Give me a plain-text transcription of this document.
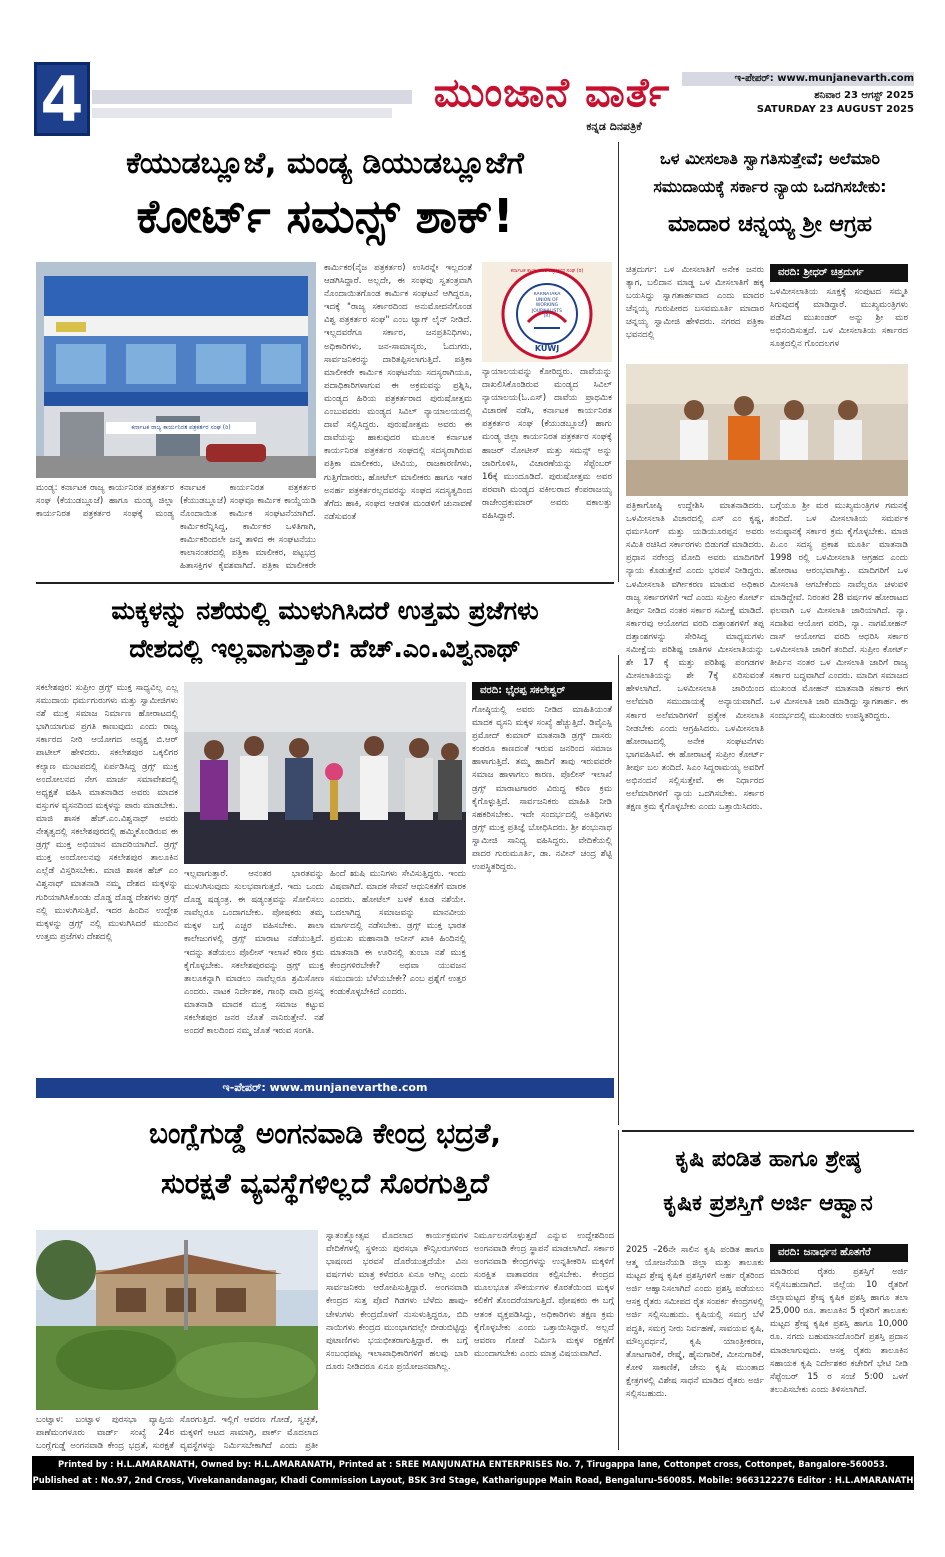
4	ಮುಂಜಾನೆ ವಾರ್ತೆ
ಕನ್ನಡ ದಿನಪತ್ರಿಕೆ
ಇ-ಪೇಪರ್: www.munjanevarth.com
ಶನಿವಾರ 23 ಆಗಸ್ಟ್ 2025
SATURDAY 23 AUGUST 2025
ಕೆಯುಡಬ್ಲೂಜೆ, ಮಂಡ್ಯ ಡಿಯುಡಬ್ಲೂಜೆಗೆ
ಕೋರ್ಟ್ ಸಮನ್ಸ್ ಶಾಕ್!
ಕರ್ನಾಟಕ ರಾಜ್ಯ ಕಾರ್ಯನಿರತ ಪತ್ರಕರ್ತರ ಸಂಘ (ರಿ)
ಕಾರ್ಮಿಕರ(ನೈಜ ಪತ್ರಕರ್ತರ) ಉಸಿರನ್ನೇ ಇಲ್ಲದಂತೆ ಆಡಗಿಸಿದ್ದಾರೆ. ಅಲ್ಲದೇ, ಈ ಸಂಘವು ಸ್ವತಂತ್ರವಾಗಿ ನೊಂದಾಯಿತಗೊಂಡ ಕಾರ್ಮಿಕ ಸಂಘಟನೆ ಆಗಿದ್ದರೂ, ಇದಕ್ಕೆ "ರಾಜ್ಯ ಸರ್ಕಾರದಿಂದ ಅನುಮೋದನೆಗೊಂಡ ವಿಶ್ವ ಪತ್ರಕರ್ತರ ಸಂಘ" ಎಂಬ ಟ್ಯಾಗ್ ಲೈನ್ ನೀಡಿದೆ. ಇಲ್ಲದವರೆಗೂ ಸರ್ಕಾರ, ಜನಪ್ರತಿನಿಧಿಗಳು, ಅಧಿಕಾರಿಗಳು, ಜನ-ಸಾಮಾನ್ಯರು, ಓದುಗರು, ಸಾರ್ವಜನಿಕರನ್ನು ದಾರಿತಪ್ಪಿಸಲಾಗುತ್ತಿದೆ. ಪತ್ರಿಕಾ ಮಾಲೀಕರೇ ಕಾರ್ಮಿಕ ಸಂಘಟನೆಯ ಸದಸ್ಯರಾಗಿಯೂ, ಪದಾಧಿಕಾರಿಗಳಾಗುವ ಈ ಅಕ್ರಮವನ್ನು ಪ್ರಶ್ನಿಸಿ, ಮಂಡ್ಯದ ಹಿರಿಯ ಪತ್ರಕರ್ತರಾದ ಪುರುಷೋತ್ತಮ ಎಂಬುವವರು ಮಂಡ್ಯದ ಸಿವಿಲ್ ನ್ಯಾಯಾಲಯದಲ್ಲಿ ದಾವೆ ಸಲ್ಲಿಸಿದ್ದರು. ಪುರುಷೋತ್ತಮ ಅವರು ಈ ದಾವೆಯನ್ನು ಹಾಕುವುದರ ಮೂಲಕ ಕರ್ನಾಟಕ ಕಾರ್ಯನಿರತ ಪತ್ರಕರ್ತರ ಸಂಘದಲ್ಲಿ ಸದಸ್ಯರಾಗಿರುವ ಪತ್ರಿಕಾ ಮಾಲೀಕರು, ಟೀವಿಯ, ರಾಜಕಾರಣಿಗಳು, ಗುತ್ತಿಗೆದಾರರು, ಹೋಟೆಲ್ ಮಾಲೀಕರು ಹಾಗೂ ಇತರ ಅನರ್ಹ ಪತ್ರಕರ್ತರಲ್ಲದವರನ್ನು ಸಂಘದ ಸದಸ್ಯತ್ವದಿಂದ ತೆಗೆದು ಹಾಕಿ, ಸಂಘದ ಆಡಳಿತ ಮಂಡಳಿಗೆ ಚುನಾವಣೆ ನಡೆಸುವಂತೆ
ಕರ್ನಾಟಕ ಕಾರ್ಯನಿರತ ಪತ್ರಕರ್ತರ ಸಂಘ (ರಿ)
KARNATAKA UNION OF WORKING JOURNALISTS (R)
KUWJ
ನ್ಯಾಯಾಲಯವನ್ನು ಕೋರಿದ್ದರು. ದಾವೆಯನ್ನು ದಾಖಲಿಸಿಕೊಂಡಿರುವ ಮಂಡ್ಯದ ಸಿವಿಲ್ ನ್ಯಾಯಾಲಯ(ಓ.ಎಸ್) ದಾವೆಯ ಪ್ರಾಥಮಿಕ ವಿಚಾರಣೆ ನಡೆಸಿ, ಕರ್ನಾಟಕ ಕಾರ್ಯನಿರತ ಪತ್ರಕರ್ತರ ಸಂಘ (ಕೆಯುಡಬ್ಲೂಜೆ) ಹಾಗು ಮಂಡ್ಯ ಜಿಲ್ಲಾ ಕಾರ್ಯನಿರತ ಪತ್ರಕರ್ತರ ಸಂಘಕ್ಕೆ ಹಾಜರ್ ನೋಟೀಸ್ ಮತ್ತು ಸಮನ್ಸ್ ಅನ್ನು ಜಾರಿಗೊಳಿಸಿ, ವಿಚಾರಣೆಯನ್ನು ಸೆಪ್ಟೆಂಬರ್ 16ಕ್ಕೆ ಮುಂದೂಡಿದೆ. ಪುರುಷೋತ್ತಮ ಅವರ ಪರವಾಗಿ ಮಂಡ್ಯದ ವಕೀಲರಾದ ಕೆಂಪರಾಜಯ್ಯ ರಾಜೇಂದ್ರಕುಮಾರ್ ಅವರು ವಕಾಲತ್ತು ವಹಿಸಿದ್ದಾರೆ.
ಮಂಡ್ಯ: ಕರ್ನಾಟಕ ರಾಜ್ಯ ಕಾರ್ಯನಿರತ ಪತ್ರಕರ್ತರ ಸಂಘ (ಕೆಯುಡಬ್ಲೂಜೆ) ಹಾಗೂ ಮಂಡ್ಯ ಜಿಲ್ಲಾ ಕಾರ್ಯನಿರತ ಪತ್ರಕರ್ತರ ಸಂಘಕ್ಕೆ ಮಂಡ್ಯ
ಕರ್ನಾಟಕ ಕಾರ್ಯನಿರತ ಪತ್ರಕರ್ತರ (ಕೆಯುಡಬ್ಲೂಜೆ) ಸಂಘವೂ ಕಾರ್ಮಿಕ ಕಾಯ್ದೆಯಡಿ ನೊಂದಾಯಿತ ಕಾರ್ಮಿಕ ಸಂಘಟನೆಯಾಗಿದೆ. ಕಾರ್ಮಿಕರೆನ್ನಿಸಿದ್ದ, ಕಾರ್ಮಿಕರ ಒಳಿತಿಗಾಗಿ, ಕಾರ್ಮಿಕರಿಂದಲೇ ಜನ್ಮ ತಾಳಿದ ಈ ಸಂಘಟನೆಯು ಕಾಲಾನಂತರದಲ್ಲಿ ಪತ್ರಿಕಾ ಮಾಲೀಕರ, ಪಟ್ಟಭದ್ರ ಹಿತಾಸಕ್ತಿಗಳ ಕೈವಶವಾಗಿದೆ. ಪತ್ರಿಕಾ ಮಾಲೀಕರೇ
ಒಳ ಮೀಸಲಾತಿ ಸ್ವಾಗತಿಸುತ್ತೇವೆ; ಅಲೆಮಾರಿ
ಸಮುದಾಯಕ್ಕೆ ಸರ್ಕಾರ ನ್ಯಾಯ ಒದಗಿಸಬೇಕು:
ಮಾದಾರ ಚನ್ನಯ್ಯ ಶ್ರೀ ಆಗ್ರಹ
ಚಿತ್ರದುರ್ಗ: ಒಳ ಮೀಸಲಾತಿಗೆ ಅನೇಕ ಜನರು ತ್ಯಾಗ, ಬಲಿದಾನ ಮಾಡ್ಡ ಒಳ ಮೀಸಲಾತಿಗೆ ಹಕ್ಕ ಬಯಸಿದ್ದು ಸ್ವಾಗತಾರ್ಹವಾದ ಎಂದು ಮಾದರ ಚೆನ್ನಯ್ಯ ಗುರುಪೀಠದ ಬಸವಮೂರ್ತಿ ಮಾದಾರ ಚನ್ನಯ್ಯ ಸ್ವಾಮೀಜಿ ಹೇಳಿದರು. ನಗರದ ಪತ್ರಿಕಾ ಭವನದಲ್ಲಿ
ವರದಿ: ಶ್ರೀಧರ್ ಚಿತ್ರದುರ್ಗ
ಒಳಮೀಸಲಾತಿಯ ಸೂಕ್ತಕ್ಕೆ ಸಂಪುಟದ ಸಮ್ಮತಿ ಸಿಗುವುದಕ್ಕೆ ಮಾಡಿದ್ದಾರೆ. ಮುಖ್ಯಮಂತ್ರಿಗಳು ಪಡೆಸಿದ ಮುಖಂಡರ್ ಅನ್ನು ಶ್ರೀ ಮಠ ಅಭಿನಂದಿಸುತ್ತದೆ. ಒಳ ಮೀಸಲಾತಿಯ ಸರ್ಕಾರದ ಸೂತ್ರದಲ್ಲಿನ ಗೊಂದಲಗಳ
ಪತ್ರಿಕಾಗೋಷ್ಠಿ ಉದ್ದೇಶಿಸಿ ಮಾತನಾಡಿದರು. ಒಳಮೀಸಲಾತಿ ವಿಚಾರದಲ್ಲಿ ಎಸ್ ಎಂ ಕೃಷ್ಣ, ಧರ್ಮಸಿಂಗ್ ಮತ್ತು ಯಡಿಯೂರಪ್ಪನ ಅವರು ಸಮಿತಿ ರಚಿಸಿದ ಸರ್ಕಾರಗಳು ಬಿಡುಗಡೆ ಮಾಡಿದರು. ಪ್ರಧಾನ ನರೇಂದ್ರ ಮೋದಿ ಅವರು ಮಾದಿಗರಿಗೆ ನ್ಯಾಯ ಕೊಡುತ್ತೇವೆ ಎಂದು ಭರವಸೆ ನೀಡಿದ್ದರು. ಒಳಮೀಸಲಾತಿ ವರ್ಗೀಕರಣ ಮಾಡುವ ಅಧಿಕಾರ ರಾಜ್ಯ ಸರ್ಕಾರಗಳಿಗೆ ಇದೆ ಎಂದು ಸುಪ್ರೀಂ ಕೋರ್ಟ್ ತೀರ್ಪು ನೀಡಿದ ನಂತರ ಸರ್ಕಾರ ಸಮೀಕ್ಷೆ ಮಾಡಿದೆ. ಸರ್ಕಾರವು ಆಯೋಗದ ವರದಿ ದತ್ತಾಂಶಗಳಿಗೆ ತಪ್ಪ ದತ್ತಾಂಶಗಳನ್ನು ಸೇರಿಸಿದ್ದ ಮಾಧ್ಯಮಗಳು ಸಮೀಕ್ಷೆಯ ಪರಿಶಿಷ್ಟ ಜಾತಿಗಳ ಮೀಸಲಾತಿಯನ್ನು ಶೇ 17 ಕ್ಕೆ ಮತ್ತು ಪರಿಶಿಷ್ಟ ಪಂಗಡಗಳ ಮೀಸಲಾತಿಯನ್ನು ಶೇ 7ಕ್ಕೆ ಏರಿಸುವಂತೆ ಹೇಳಲಾಗಿದೆ. ಒಳಮೀಸಲಾತಿ ಜಾರಿಯಿಂದ ಅಲೆಮಾರಿ ಸಮುದಾಯಕ್ಕೆ ಅನ್ಯಾಯವಾಗಿದೆ. ಸರ್ಕಾರ ಅಲೆಮಾರಿಗಳಿಗೆ ಪ್ರತ್ಯೇಕ ಮೀಸಲಾತಿ ನೀಡಬೇಕು ಎಂದು ಆಗ್ರಹಿಸಿದರು. ಒಳಮೀಸಲಾತಿ ಹೋರಾಟದಲ್ಲಿ ಅನೇಕ ಸಂಘಟನೆಗಳು ಭಾಗವಹಿಸಿವೆ. ಈ ಹೋರಾಟಕ್ಕೆ ಸುಪ್ರೀಂ ಕೋರ್ಟ್ ತೀರ್ಪು ಬಲ ತಂದಿದೆ. ಸಿಎಂ ಸಿದ್ದರಾಮಯ್ಯ ಅವರಿಗೆ ಅಭಿನಂದನೆ ಸಲ್ಲಿಸುತ್ತೇವೆ. ಈ ನಿರ್ಧಾರದ ಅಲೆಮಾರಿಗಳಿಗೆ ನ್ಯಾಯ ಒದಗಿಸಬೇಕು. ಸರ್ಕಾರ ತಕ್ಷಣ ಕ್ರಮ ಕೈಗೊಳ್ಳಬೇಕು ಎಂದು ಒತ್ತಾಯಿಸಿದರು.
ಬಗ್ಗೆಯೂ ಶ್ರೀ ಮಠ ಮುಖ್ಯಮಂತ್ರಿಗಳ ಗಮನಕ್ಕೆ ತಂದಿದೆ. ಒಳ ಮೀಸಲಾತಿಯ ಸಮರ್ಪಕ ಅನುಷ್ಠಾನಕ್ಕೆ ಸರ್ಕಾರ ಕ್ರಮ ಕೈಗೊಳ್ಳಬೇಕು. ಮಾಜಿ ಪಿ.ಎಂ ಸದಸ್ಯ ಪ್ರಕಾಶ ಮೂರ್ತಿ ಮಾತನಾಡಿ 1998 ರಲ್ಲಿ ಒಳಮೀಸಲಾತಿ ಆಗ್ರಹದ ಎಂದು ಹೋರಾಟ ಆರಂಭವಾಗಿತ್ತು. ಮಾದಿಗರಿಗೆ ಒಳ ಮೀಸಲಾತಿ ಆಗಬೇಕೆಂದು ನಾವೆಲ್ಲರೂ ಚಳುವಳಿ ಮಾಡಿದ್ದೇವೆ. ನಿರಂತರ 28 ವರ್ಷಗಳ ಹೋರಾಟದ ಫಲವಾಗಿ ಒಳ ಮೀಸಲಾತಿ ಜಾರಿಯಾಗಿದೆ. ನ್ಯಾ. ಸದಾಶಿವ ಆಯೋಗ ವರದಿ, ನ್ಯಾ. ನಾಗಮೋಹನ್ ದಾಸ್ ಆಯೋಗದ ವರದಿ ಆಧರಿಸಿ ಸರ್ಕಾರ ಒಳಮೀಸಲಾತಿ ಜಾರಿಗೆ ತಂದಿದೆ. ಸುಪ್ರೀಂ ಕೋರ್ಟ್ ತೀರ್ಪಿನ ನಂತರ ಒಳ ಮೀಸಲಾತಿ ಜಾರಿಗೆ ರಾಜ್ಯ ಸರ್ಕಾರ ಬದ್ಧವಾಗಿದೆ ಎಂದರು. ಮಾದಿಗ ಸಮಾಜದ ಮುಖಂಡ ಮೋಹನ್ ಮಾತನಾಡಿ ಸರ್ಕಾರ ಈಗ ಒಳ ಮೀಸಲಾತಿ ಜಾರಿ ಮಾಡಿದ್ದು ಸ್ವಾಗತಾರ್ಹ. ಈ ಸಂದರ್ಭದಲ್ಲಿ ಮುಖಂಡರು ಉಪಸ್ಥಿತರಿದ್ದರು.
ಮಕ್ಕಳನ್ನು ನಶೆಯಲ್ಲಿ ಮುಳುಗಿಸಿದರೆ ಉತ್ತಮ ಪ್ರಜೆಗಳು
ದೇಶದಲ್ಲಿ ಇಲ್ಲವಾಗುತ್ತಾರೆ: ಹೆಚ್.ಎಂ.ವಿಶ್ವನಾಥ್
ಸಕಲೇಶಪುರ: ಸುಪ್ರೀಂ ಡ್ರಗ್ಸ್ ಮುಕ್ತ ಸಾಧ್ಯವಿಲ್ಲ ಎಲ್ಲ ಸಮುದಾಯ ಧರ್ಮಗುರುಗಳು ಮತ್ತು ಸ್ವಾಮೀಜಿಗಳು ನಶೆ ಮುಕ್ತ ಸಮಾಜ ನಿರ್ಮಾಣ ಹೋರಾಟದಲ್ಲಿ ಭಾಗಿಯಾಗುವ ಪ್ರಗತಿ ಕಾಣುವುದು ಎಂದು ರಾಜ್ಯ ಸರ್ಕಾರದ ನೀರಿ ಆಯೋಗದ ಅಧ್ಯಕ್ಷ ಬಿ.ಆರ್ ಪಾಟೀಲ್ ಹೇಳಿದರು. ಸಕಲೇಶಪುರ ಒಕ್ಕಲಿಗರ ಕಲ್ಯಾಣ ಮಂಟಪದಲ್ಲಿ ಏರ್ಪಡಿಸಿದ್ದ ಡ್ರಗ್ಸ್ ಮುಕ್ತ ಅಂದೋಲನದ ನೇಗ ಮಾರ್ಚ ಸಮಾವೇಶದಲ್ಲಿ ಅಧ್ಯಕ್ಷತೆ ವಹಿಸಿ ಮಾತನಾಡಿದ ಅವರು ಮಾದಕ ವಸ್ತುಗಳ ವ್ಯಸನದಿಂದ ಮಕ್ಕಳನ್ನು ಪಾರು ಮಾಡಬೇಕು. ಮಾಜಿ ಶಾಸಕ ಹೆಚ್.ಎಂ.ವಿಶ್ವನಾಥ್ ಅವರು ನೇತೃತ್ವದಲ್ಲಿ ಸಕಲೇಶಪುರದಲ್ಲಿ ಹಮ್ಮಿಕೊಂಡಿರುವ ಈ ಡ್ರಗ್ಸ್ ಮುಕ್ತ ಅಭಿಯಾನ ಮಾದರಿಯಾಗಿದೆ. ಡ್ರಗ್ಸ್ ಮುಕ್ತ ಅಂದೋಲನವು ಸಕಲೇಶಪುರ ತಾಲೂಕಿನ ಎಲ್ಲೆಡೆ ವಿಸ್ತರಿಸಬೇಕು. ಮಾಜಿ ಶಾಸಕ ಹೆಚ್ ಎಂ ವಿಶ್ವನಾಥ್ ಮಾತನಾಡಿ ನಮ್ಮ ದೇಶದ ಮಕ್ಕಳನ್ನು ಗುರಿಯಾಗಿಸಿಕೊಂಡು ದೊಡ್ಡ ದೊಡ್ಡ ದೇಶಗಳು ಡ್ರಗ್ಸ್ ನಲ್ಲಿ ಮುಳುಗಿಸುತ್ತಿವೆ. ಇದರ ಹಿಂದಿನ ಉದ್ದೇಶ ಮಕ್ಕಳನ್ನು ಡ್ರಗ್ಸ್ ನಲ್ಲಿ ಮುಳುಗಿಸಿದರೆ ಮುಂದಿನ ಉತ್ತಮ ಪ್ರಜೆಗಳು ದೇಶದಲ್ಲಿ
ಇಲ್ಲವಾಗುತ್ತಾರೆ. ಆನಂತರ ಭಾರತವನ್ನು ಮುಳುಗಿಸುವುದು ಸುಲಭವಾಗುತ್ತದೆ. ಇದು ಒಂದು ದೊಡ್ಡ ಷಡ್ಯಂತ್ರ. ಈ ಷಡ್ಯಂತ್ರವನ್ನು ಸೋಲಿಸಲು ನಾವೆಲ್ಲರೂ ಒಂದಾಗಬೇಕು. ಪೋಷಕರು ತಮ್ಮ ಮಕ್ಕಳ ಬಗ್ಗೆ ಎಚ್ಚರ ವಹಿಸಬೇಕು. ಶಾಲಾ ಕಾಲೇಜುಗಳಲ್ಲಿ ಡ್ರಗ್ಸ್ ಮಾರಾಟ ನಡೆಯುತ್ತಿದೆ. ಇದನ್ನು ತಡೆಯಲು ಪೊಲೀಸ್ ಇಲಾಖೆ ಕಠಿಣ ಕ್ರಮ ಕೈಗೊಳ್ಳಬೇಕು. ಸಕಲೇಶಪುರವನ್ನು ಡ್ರಗ್ಸ್ ಮುಕ್ತ ತಾಲೂಕನ್ನಾಗಿ ಮಾಡಲು ನಾವೆಲ್ಲರೂ ಶ್ರಮಿಸೋಣ ಎಂದರು. ನಾಟಕ ನಿರ್ದೇಶಕ, ಗಾಂಧಿ ವಾದಿ ಪ್ರಸನ್ನ ಮಾತನಾಡಿ ಮಾದಕ ಮುಕ್ತ ಸಮಾಜ ಕಟ್ಟುವ ಸಕಲೇಶಪುರ ಜನರ ಜೊತೆ ನಾನಿರುತ್ತೇನೆ. ನಶೆ ಅಂದರೆ ಕಾಲದಿಂದ ನಮ್ಮ ಜೊತೆ ಇರುವ ಸಂಗತಿ.
ಹಿಂದೆ ಋಷಿ ಮುನಿಗಳು ಸೇವಿಸುತ್ತಿದ್ದರು. ಇಂದು ವಿಷವಾಗಿದೆ. ಮಾದಕ ಸೇವನೆ ಆಧುನಿಕತೆಗೆ ಮಾರಕ ಎಂದರು. ಹೋಟೆಲ್ ಬಳಕೆ ಕೂಡ ನಶೆಯೇ. ಬದಲಾಗಿದ್ದ ಸಮಾಜವನ್ನು ಮಾನವೀಯ ಮಾರ್ಗದಲ್ಲಿ ನಡೆಸಬೇಕು. ಡ್ರಗ್ಸ್ ಮುಕ್ತ ಭಾರತ ಪ್ರಮುಖ ಮಹಾನಾಡಿ ಆನೀನ್ ಖಾಕಿ ಹಿಂದಿನಲ್ಲಿ ಮಾತನಾಡಿ ಈ ಊರಿನಲ್ಲಿ ತುಂಬಾ ನಶೆ ಮುಕ್ತ ಕೇಂದ್ರಗಳಿರಬೇಕೇ? ಅಥವಾ ಯುವಜನ ಸಮುದಾಯ ಬೆಳೆಯಬೇಕೇ? ಎಂಬ ಪ್ರಶ್ನೆಗೆ ಉತ್ತರ ಕಂಡುಕೊಳ್ಳಬೇಕಿದೆ ಎಂದರು.
ವರದಿ: ಭೈರಪ್ಪ ಸಕಲೇಶ್ವರ್
ಗೋಷ್ಠಿಯಲ್ಲಿ ಅವರು ನೀಡಿದ ಮಾಹಿತಿಯಂತೆ ಮಾದಕ ವ್ಯಸನಿ ಮಕ್ಕಳ ಸಂಖ್ಯೆ ಹೆಚ್ಚುತ್ತಿದೆ. ಡಿವೈಎಸ್ಪಿ ಪ್ರಮೋದ್ ಕುಮಾರ್ ಮಾತನಾಡಿ ಡ್ರಗ್ಸ್ ದಾಸರು ಕಂಡರೂ ಕಾಣದಂತೆ ಇರುವ ಜನರಿಂದ ಸಮಾಜ ಹಾಳಾಗುತ್ತಿದೆ. ತಮ್ಮ ಹಾದಿಗೆ ತಾವು ಇರುವವರೇ ಸಮಾಜ ಹಾಳಾಗಲು ಕಾರಣ. ಪೊಲೀಸ್ ಇಲಾಖೆ ಡ್ರಗ್ಸ್ ಮಾರಾಟಗಾರರ ವಿರುದ್ಧ ಕಠಿಣ ಕ್ರಮ ಕೈಗೊಳ್ಳುತ್ತಿದೆ. ಸಾರ್ವಜನಿಕರು ಮಾಹಿತಿ ನೀಡಿ ಸಹಕರಿಸಬೇಕು. ಇದೇ ಸಂದರ್ಭದಲ್ಲಿ ಅತಿಥಿಗಳು ಡ್ರಗ್ಸ್ ಮುಕ್ತ ಪ್ರತಿಜ್ಞೆ ಬೋಧಿಸಿದರು. ಶ್ರೀ ಶಂಭುನಾಥ ಸ್ವಾಮೀಜಿ ಸಾನಿಧ್ಯ ವಹಿಸಿದ್ದರು. ವೇದಿಕೆಯಲ್ಲಿ ಪಾದರ ಗುರುಮೂರ್ತಿ, ಡಾ. ನವೀನ್ ಚಂದ್ರ ಶೆಟ್ಟಿ ಉಪಸ್ಥಿತರಿದ್ದರು.
ಇ-ಪೇಪರ್: www.munjanevarthe.com
ಬಂಗ್ಲೆಗುಡ್ಡೆ ಅಂಗನವಾಡಿ ಕೇಂದ್ರ ಭದ್ರತೆ,
ಸುರಕ್ಷತೆ ವ್ಯವಸ್ಥೆಗಳಿಲ್ಲದೆ ಸೊರಗುತ್ತಿದೆ
ಬಂಟ್ವಾಳ: ಬಂಟ್ವಾಳ ಪುರಸಭಾ ವ್ಯಾಪ್ತಿಯ ಪಾಣೆಮಂಗಳೂರು ವಾರ್ಡ್ ಸಂಖ್ಯೆ 24ರ ಬಂಗ್ಲೆಗುಡ್ಡೆ ಅಂಗನವಾಡಿ ಕೇಂದ್ರ ಭದ್ರತೆ, ಸುರಕ್ಷತೆ
ಸೊರಗುತ್ತಿದೆ. ಇಲ್ಲಿಗೆ ಆವರಣ ಗೋಡೆ, ಸ್ವಚ್ಛತೆ, ಮಕ್ಕಳಿಗೆ ಆಟದ ಸಾಮಾಗ್ರಿ, ಪಾರ್ಕ್ ಮೊದಲಾದ ವ್ಯವಸ್ಥೆಗಳನ್ನು ನಿರ್ಮಿಸಬೇಕಾಗಿದೆ ಎಂದು ಪ್ರತೀ
ಸ್ವಾತಂತ್ರ್ಯೋತ್ಸವ ಮೊದಲಾದ ಕಾರ್ಯಕ್ರಮಗಳ ವೇದಿಕೆಗಳಲ್ಲಿ ಸ್ಥಳೀಯ ಪುರಸಭಾ ಕೌನ್ಸಿಲರುಗಳಿಂದ ಭಾಷಣದ ಭರವಸೆ ದೊರೆಯುತ್ತದೆಯೇ ವಿನಃ ವರ್ಷಗಳು ಮಾತ್ರ ಕಳೆದರೂ ಏನೂ ಆಗಿಲ್ಲ ಎಂದು ಸಾರ್ವಜನಿಕರು ಆರೋಪಿಸುತ್ತಿದ್ದಾರೆ. ಅಂಗನವಾಡಿ ಕೇಂದ್ರದ ಸುತ್ತ ಪೊದೆ ಗಿಡಗಳು ಬೆಳೆದು ಹಾವು-ಚೇಳುಗಳು ಕೇಂದ್ರದೊಳಗೆ ನುಸುಳುತ್ತಿದ್ದರೂ, ಬಿದಿ ನಾಯಿಗಳು ಕೇಂದ್ರದ ಮುಂಭಾಗದಲ್ಲೇ ಬೀಡುಬಿಟ್ಟಿದ್ದು ಪುಟಾಣಿಗಳು ಭಯಭೀತರಾಗುತ್ತಿದ್ದಾರೆ. ಈ ಬಗ್ಗೆ ಸಂಬಂಧಪಟ್ಟ ಇಲಾಖಾಧಿಕಾರಿಗಳಿಗೆ ಹಲವು ಬಾರಿ ದೂರು ನೀಡಿದರೂ ಏನೂ ಪ್ರಯೋಜನವಾಗಿಲ್ಲ.
ನಿರ್ಮೂಲನಗೊಳ್ಳುತ್ತದೆ ಎನ್ನುವ ಉದ್ದೇಶದಿಂದ ಅಂಗನವಾಡಿ ಕೇಂದ್ರ ಸ್ಥಾಪನೆ ಮಾಡಲಾಗಿದೆ. ಸರ್ಕಾರ ಅಂಗನವಾಡಿ ಕೇಂದ್ರಗಳನ್ನು ಉನ್ನತೀಕರಿಸಿ ಮಕ್ಕಳಿಗೆ ಸುರಕ್ಷಿತ ವಾತಾವರಣ ಕಲ್ಪಿಸಬೇಕು. ಕೇಂದ್ರದ ಮೂಲಭೂತ ಸೌಕರ್ಯಗಳ ಕೊರತೆಯಿಂದ ಮಕ್ಕಳ ಕಲಿಕೆಗೆ ತೊಂದರೆಯಾಗುತ್ತಿದೆ. ಪೋಷಕರು ಈ ಬಗ್ಗೆ ಆತಂಕ ವ್ಯಕ್ತಪಡಿಸಿದ್ದು, ಅಧಿಕಾರಿಗಳು ತಕ್ಷಣ ಕ್ರಮ ಕೈಗೊಳ್ಳಬೇಕು ಎಂದು ಒತ್ತಾಯಿಸಿದ್ದಾರೆ. ಅಲ್ಲದೆ ಆವರಣ ಗೋಡೆ ನಿರ್ಮಿಸಿ ಮಕ್ಕಳ ರಕ್ಷಣೆಗೆ ಮುಂದಾಗಬೇಕು ಎಂದು ಮಾತ್ರ ವಿಷಯವಾಗಿದೆ.
ಕೃಷಿ ಪಂಡಿತ ಹಾಗೂ ಶ್ರೇಷ್ಠ
ಕೃಷಿಕ ಪ್ರಶಸ್ತಿಗೆ ಅರ್ಜಿ ಆಹ್ವಾನ
2025 –26ನೇ ಸಾಲಿನ ಕೃಷಿ ಪಂಡಿತ ಹಾಗೂ ಆತ್ಮ ಯೋಜನೆಯಡಿ ಜಿಲ್ಲಾ ಮತ್ತು ತಾಲೂಕು ಮಟ್ಟದ ಶ್ರೇಷ್ಠ ಕೃಷಿಕ ಪ್ರಶಸ್ತಿಗಳಿಗೆ ಅರ್ಹ ರೈತರಿಂದ ಅರ್ಜಿ ಆಹ್ವಾನಿಸಲಾಗಿದೆ ಎಂದು ಪ್ರಶಸ್ತಿ ಪಡೆಯಲು ಆಸಕ್ತ ರೈತರು ಸಮೀಪದ ರೈತ ಸಂಪರ್ಕ ಕೇಂದ್ರಗಳಲ್ಲಿ ಅರ್ಜಿ ಸಲ್ಲಿಸಬಹುದು. ಕೃಷಿಯಲ್ಲಿ ಸಮಗ್ರ ಬೆಳೆ ಪದ್ಧತಿ, ಸಮಗ್ರ ನೀರು ನಿರ್ವಹಣೆ, ಸಾವಯವ ಕೃಷಿ, ಮೌಲ್ಯವರ್ಧನೆ, ಕೃಷಿ ಯಾಂತ್ರೀಕರಣ, ತೋಟಗಾರಿಕೆ, ರೇಷ್ಮೆ, ಹೈನುಗಾರಿಕೆ, ಮೀನುಗಾರಿಕೆ, ಕೋಳಿ ಸಾಕಾಣಿಕೆ, ಜೇನು ಕೃಷಿ ಮುಂತಾದ ಕ್ಷೇತ್ರಗಳಲ್ಲಿ ವಿಶೇಷ ಸಾಧನೆ ಮಾಡಿದ ರೈತರು ಅರ್ಜಿ ಸಲ್ಲಿಸಬಹುದು.
ವರದಿ: ಜನಾರ್ಧನ ಹೊತಗೆರೆ
ಮಾಡಿರುವ ರೈತರು ಪ್ರಶಸ್ತಿಗೆ ಅರ್ಜಿ ಸಲ್ಲಿಸಬಹುದಾಗಿದೆ. ಜಿಲ್ಲೆಯ 10 ರೈತರಿಗೆ ಜಿಲ್ಲಾಮಟ್ಟದ ಶ್ರೇಷ್ಠ ಕೃಷಿಕ ಪ್ರಶಸ್ತಿ ಹಾಗೂ ತಲಾ 25,000 ರೂ. ತಾಲೂಕಿನ 5 ರೈತರಿಗೆ ತಾಲೂಕು ಮಟ್ಟದ ಶ್ರೇಷ್ಠ ಕೃಷಿಕ ಪ್ರಶಸ್ತಿ ಹಾಗೂ 10,000 ರೂ. ನಗದು ಬಹುಮಾನದೊಂದಿಗೆ ಪ್ರಶಸ್ತಿ ಪ್ರದಾನ ಮಾಡಲಾಗುವುದು. ಆಸಕ್ತ ರೈತರು ತಾಲೂಕಿನ ಸಹಾಯಕ ಕೃಷಿ ನಿರ್ದೇಶಕರ ಕಚೇರಿಗೆ ಭೇಟಿ ನೀಡಿ ಸೆಪ್ಟೆಂಬರ್ 15 ರ ಸಂಜೆ 5:00 ಒಳಗೆ ತಲುಪಿಸಬೇಕು ಎಂದು ತಿಳಿಸಲಾಗಿದೆ.
Printed by : H.L.AMARANATH, Owned by: H.L.AMARANATH, Printed at : SREE MANJUNATHA ENTERPRISES No. 7, Tirugappa lane, Cottonpet cross, Cottonpet, Bangalore-560053.
Published at : No.97, 2nd Cross, Vivekanandanagar, Khadi Commission Layout, BSK 3rd Stage, Kathariguppe Main Road, Bengaluru-560085. Mobile: 9663122276 Editor : H.L.AMARANATH
